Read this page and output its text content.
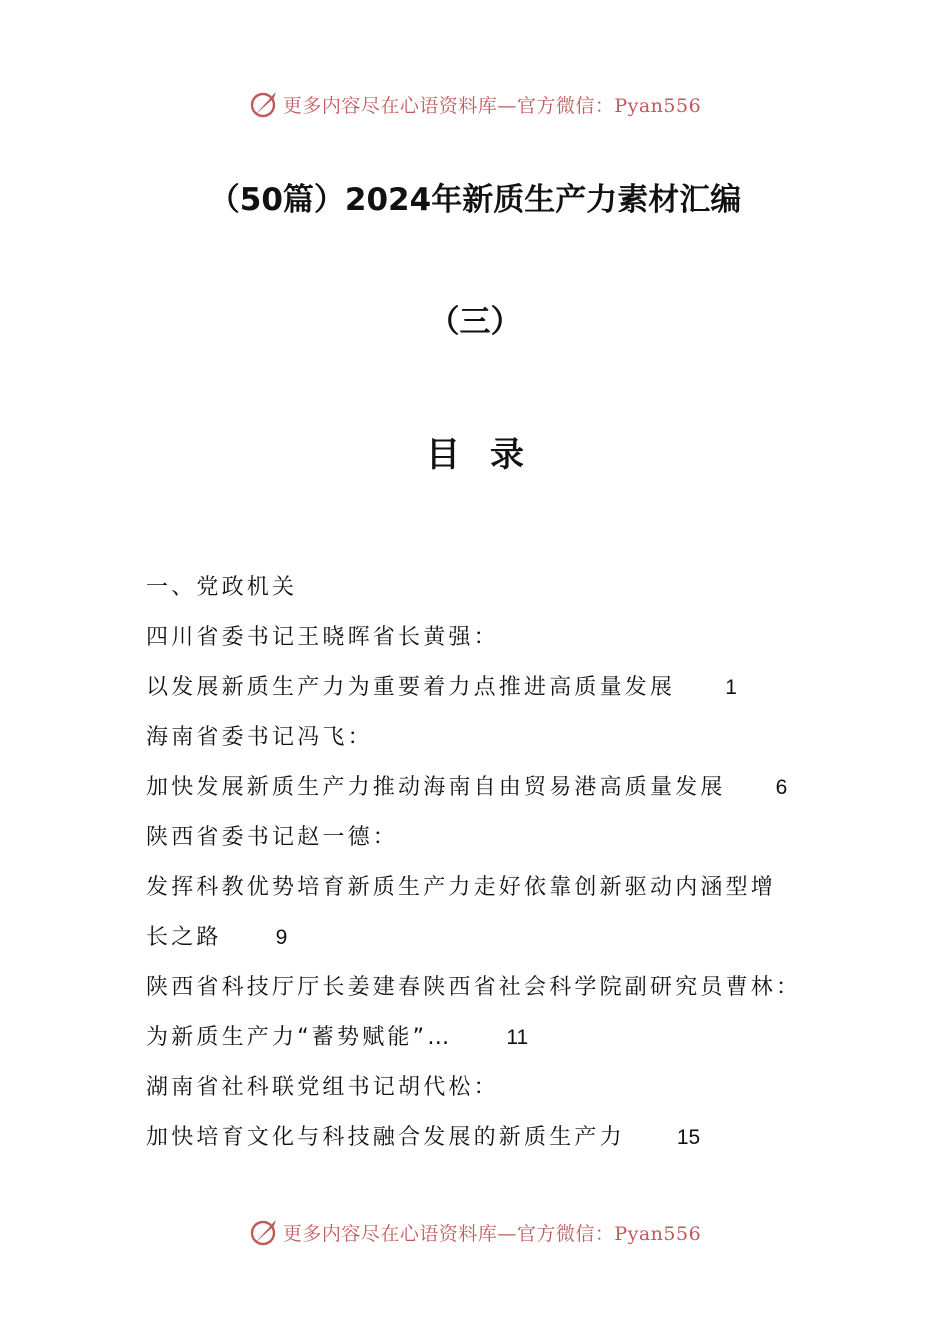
更多内容尽在心语资料库—官方微信：Pyan556
（50篇）2024年新质生产力素材汇编
（三）
目录
一、党政机关
四川省委书记王晓晖省长黄强：
以发展新质生产力为重要着力点推进高质量发展 1
海南省委书记冯飞：
加快发展新质生产力推动海南自由贸易港高质量发展 6
陕西省委书记赵一德：
发挥科教优势培育新质生产力走好依靠创新驱动内涵型增
长之路	9
陕西省科技厅厅长姜建春陕西省社会科学院副研究员曹林：
为新质生产力“蓄势赋能”…	11
湖南省社科联党组书记胡代松：
加快培育文化与科技融合发展的新质生产力 15
更多内容尽在心语资料库—官方微信：Pyan556
